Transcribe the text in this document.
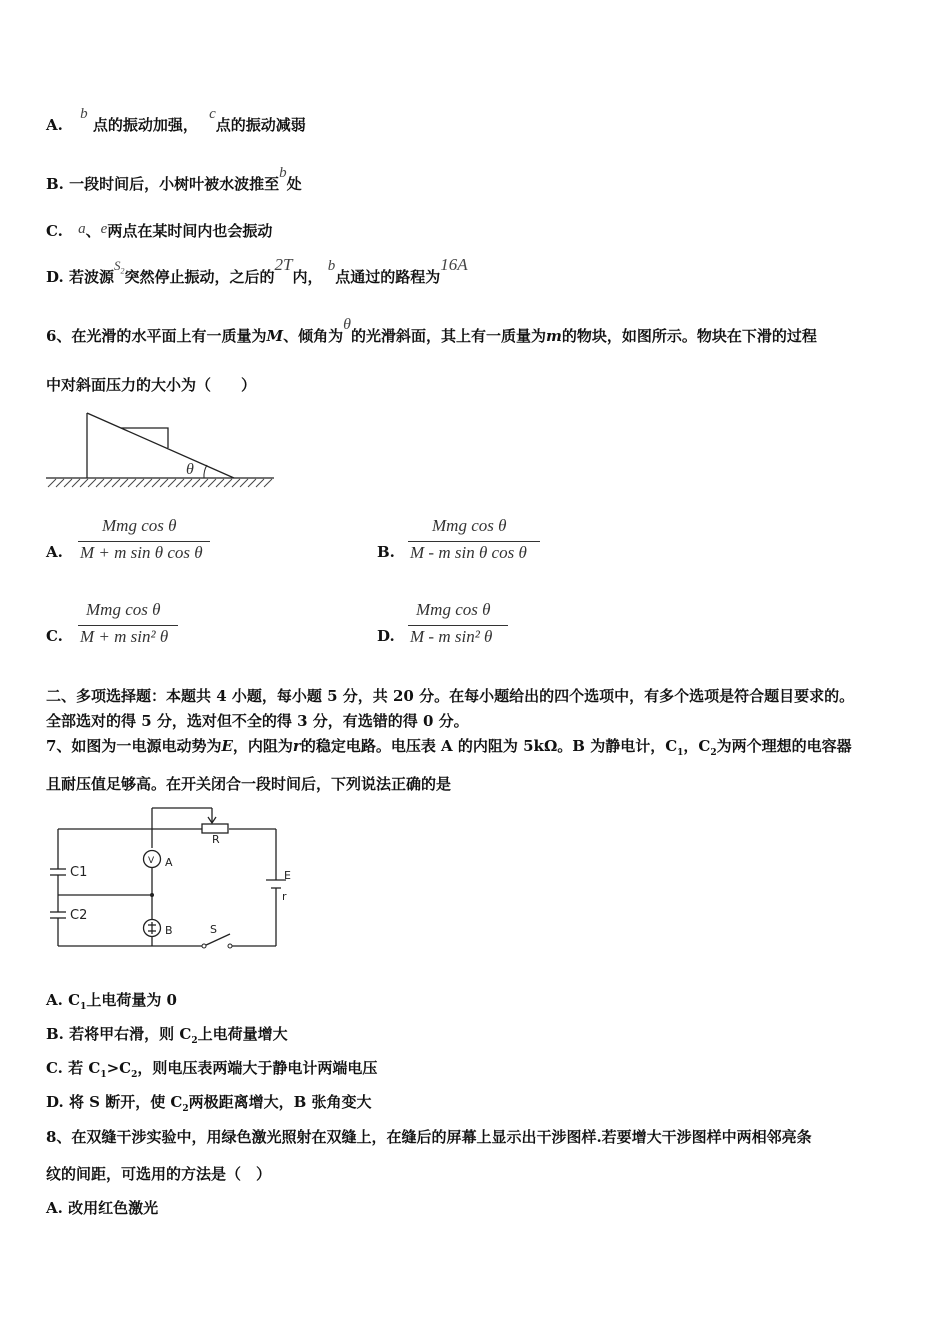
A. b 点的振动加强， c点的振动减弱
B. 一段时间后，小树叶被水波推至b处
C. a、e两点在某时间内也会振动
D. 若波源$S_2$突然停止振动，之后的2T内， b点通过的路程为16A
6、在光滑的水平面上有一质量为M、倾角为θ的光滑斜面，其上有一质量为m的物块，如图所示。物块在下滑的过程
中对斜面压力的大小为（　　）
θ
A.
Mmg cos θ
M + m sin θ cos θ	B.
Mmg cos θ
M - m sin θ cos θ
C.
Mmg cos θ
M + m sin² θ	D.
Mmg cos θ
M - m sin² θ
二、多项选择题：本题共 4 小题，每小题 5 分，共 20 分。在每小题给出的四个选项中，有多个选项是符合题目要求的。
全部选对的得 5 分，选对但不全的得 3 分，有选错的得 0 分。
7、如图为一电源电动势为E，内阻为r的稳定电路。电压表 A 的内阻为 5kΩ。B 为静电计，$C_1$，$C_2$为两个理想的电容器
且耐压值足够高。在开关闭合一段时间后，下列说法正确的是
C1
C2
V A
B
R
E
r
S
A. $C_1$上电荷量为 0
B. 若将甲右滑，则 $C_2$上电荷量增大
C. 若 $C_1>C_2$，则电压表两端大于静电计两端电压
D. 将 S 断开，使 $C_2$两极距离增大，B 张角变大
8、在双缝干涉实验中，用绿色激光照射在双缝上，在缝后的屏幕上显示出干涉图样.若要增大干涉图样中两相邻亮条
纹的间距，可选用的方法是（　）
A. 改用红色激光
